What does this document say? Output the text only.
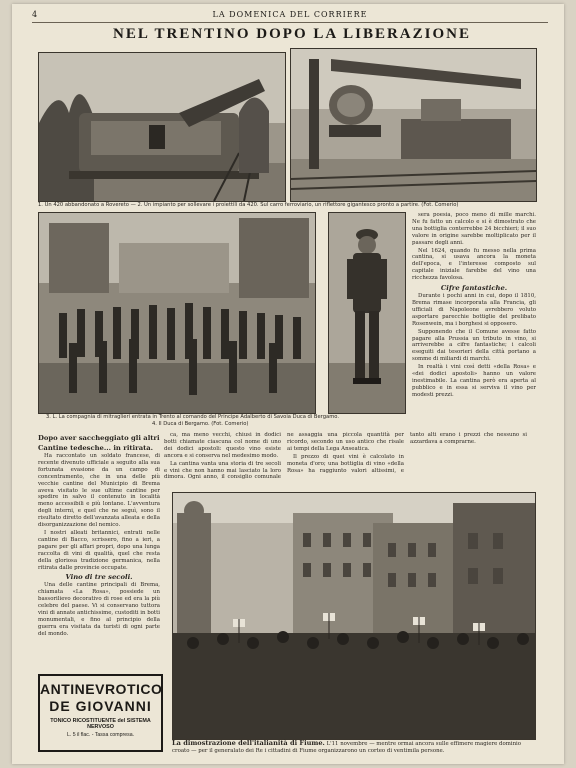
4	LA DOMENICA DEL CORRIERE
NEL TRENTINO DOPO LA LIBERAZIONE
1. Un 420 abbandonato a Rovereto — 2. Un impianto per sollevare i proiettili da 420. Sul carro ferroviario, un riflettore gigantesco pronto a partire. (Fot. Comerio)
3. L. La compagnia di mitraglieri entrata in Trento al comando del Principe Adalberto di Savoia Duca di Bergamo.
4. Il Duca di Bergamo. (Fot. Comerio)

sera poesia, poco meno di mille marchi. Ne fu fatto un calcolo e si è dimostrato che una bottiglia conterrebbe 24 bicchieri; il suo valore in origine sarebbe moltiplicato per il passare degli anni.

Nel 1624, quando fu messo nella prima cantina, si usava ancora la moneta dell'epoca, e l'interesse composto sul capitale iniziale farebbe del vino una ricchezza favolosa.

Cifre fantastiche.

Durante i pochi anni in cui, dopo il 1810, Brema rimase incorporata alla Francia, gli ufficiali di Napoleone avrebbero voluto asportare parecchie bottiglie del prelibato Rosenwein, ma i borghesi si opposero.

Supponendo che il Comune avesse fatto pagare alla Prussia un tributo in vino, si arriverebbe a cifre fantastiche; i calcoli eseguiti dai tesorieri della città portano a somme di miliardi di marchi.

In realtà i vini così detti «della Rosa» e «dei dodici apostoli» hanno un valore inestimabile. La cantina però era aperta al pubblico e in essa si serviva il vino per modesti prezzi.

Dopo aver saccheggiato gli altri

Cantine tedesche... in ritirata.

Ha raccontato un soldato francese, di recente divenuto ufficiale a seguito alla sua fortunata evasione da un campo di concentramento, che in una delle più vecchie cantine del Municipio di Brema aveva visitato le sue ultime cantine per spedire in salvo il contenuto in località meno accessibili e più lontane. L'avventura degli interni, e quel che ne seguì, sono il risultato diretto dell'avanzata alleata e della disorganizzazione del nemico.

I nostri alleati britannici, entrati nelle cantine di Bacco, scrissero, fino a ieri, a pagare per gli affari propri, dopo una lunga raccolta di vini di qualità, quel che resta della gloriosa tradizione germanica, nella ritirata dalle provincie occupate.

Vino di tre secoli.

Una delle cantine principali di Brema, chiamata «La Rosa», possiede un bassorilievo decorativo di rose ed era la più celebre del paese. Vi si conservano tuttora vini di annate antichissime, custoditi in botti monumentali, e fino al principio della guerra era visitata da turisti di ogni parte del mondo.

ca, ma meno vecchi, chiusi in dodici botti chiamate ciascuna col nome di uno dei dodici apostoli: questo vino esiste ancora e si conserva nel medesimo modo.

La cantina vanta una storia di tre secoli e vini che non hanno mai lasciato la loro dimora. Ogni anno, il consiglio comunale ne assaggia una piccola quantità per ricordo, secondo un uso antico che risale ai tempi della Lega Anseatica.

Il prezzo di quei vini è calcolato in moneta d'oro; una bottiglia di vino «della Rosa» ha raggiunto valori altissimi, e tanto alti erano i prezzi che nessuno si azzardava a comprarne.

La dimostrazione dell'italianità di Fiume. L'11 novembre — mentre ormai ancora sulle effimere magiere dominio croato — per il generalato dei Re i cittadini di Fiume organizzarono un corteo di ventimila persone.
ANTINEVROTICO
DE GIOVANNI
TONICO RICOSTITUENTE del SISTEMA NERVOSO
L. 5 il flac. - Tassa compresa.
